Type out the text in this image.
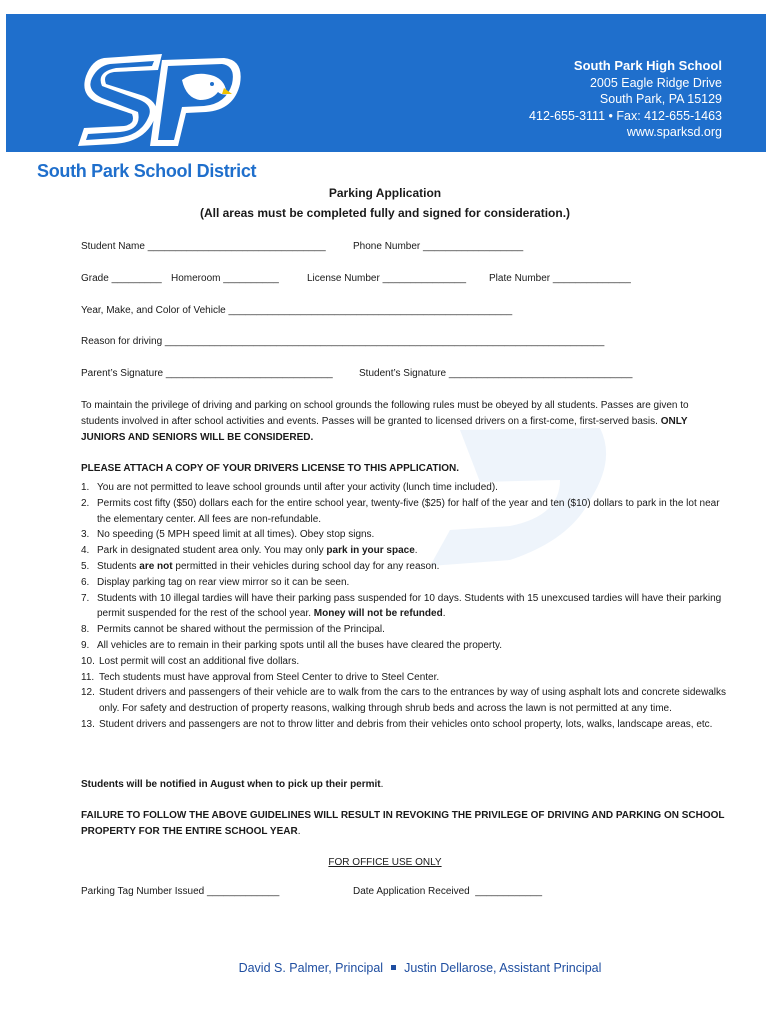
South Park High School
2005 Eagle Ridge Drive
South Park, PA 15129
412-655-3111 • Fax: 412-655-1463
www.sparksd.org
South Park School District
Parking Application
(All areas must be completed fully and signed for consideration.)
Student Name ________________________________	Phone Number __________________
Grade _________ Homeroom __________	License Number _______________ Plate Number ______________
Year, Make, and Color of Vehicle ___________________________________________________
Reason for driving _______________________________________________________________________________
Parent’s Signature ______________________________	Student’s Signature _________________________________
To maintain the privilege of driving and parking on school grounds the following rules must be obeyed by all students. Passes are given to students involved in after school activities and events. Passes will be granted to licensed drivers on a first-come, first-served basis. ONLY JUNIORS AND SENIORS WILL BE CONSIDERED.
PLEASE ATTACH A COPY OF YOUR DRIVERS LICENSE TO THIS APPLICATION.
1. You are not permitted to leave school grounds until after your activity (lunch time included).
2. Permits cost fifty ($50) dollars each for the entire school year, twenty-five ($25) for half of the year and ten ($10) dollars to park in the lot near the elementary center. All fees are non-refundable.
3. No speeding (5 MPH speed limit at all times). Obey stop signs.
4. Park in designated student area only. You may only park in your space.
5. Students are not permitted in their vehicles during school day for any reason.
6. Display parking tag on rear view mirror so it can be seen.
7. Students with 10 illegal tardies will have their parking pass suspended for 10 days. Students with 15 unexcused tardies will have their parking permit suspended for the rest of the school year. Money will not be refunded.
8. Permits cannot be shared without the permission of the Principal.
9. All vehicles are to remain in their parking spots until all the buses have cleared the property.
10. Lost permit will cost an additional five dollars.
11. Tech students must have approval from Steel Center to drive to Steel Center.
12. Student drivers and passengers of their vehicle are to walk from the cars to the entrances by way of using asphalt lots and concrete sidewalks only. For safety and destruction of property reasons, walking through shrub beds and across the lawn is not permitted at any time.
13. Student drivers and passengers are not to throw litter and debris from their vehicles onto school property, lots, walks, landscape areas, etc.
Students will be notified in August when to pick up their permit.
FAILURE TO FOLLOW THE ABOVE GUIDELINES WILL RESULT IN REVOKING THE PRIVILEGE OF DRIVING AND PARKING ON SCHOOL PROPERTY FOR THE ENTIRE SCHOOL YEAR.
FOR OFFICE USE ONLY
Parking Tag Number Issued _____________	Date Application Received  ____________
David S. Palmer, Principal Justin Dellarose, Assistant Principal
